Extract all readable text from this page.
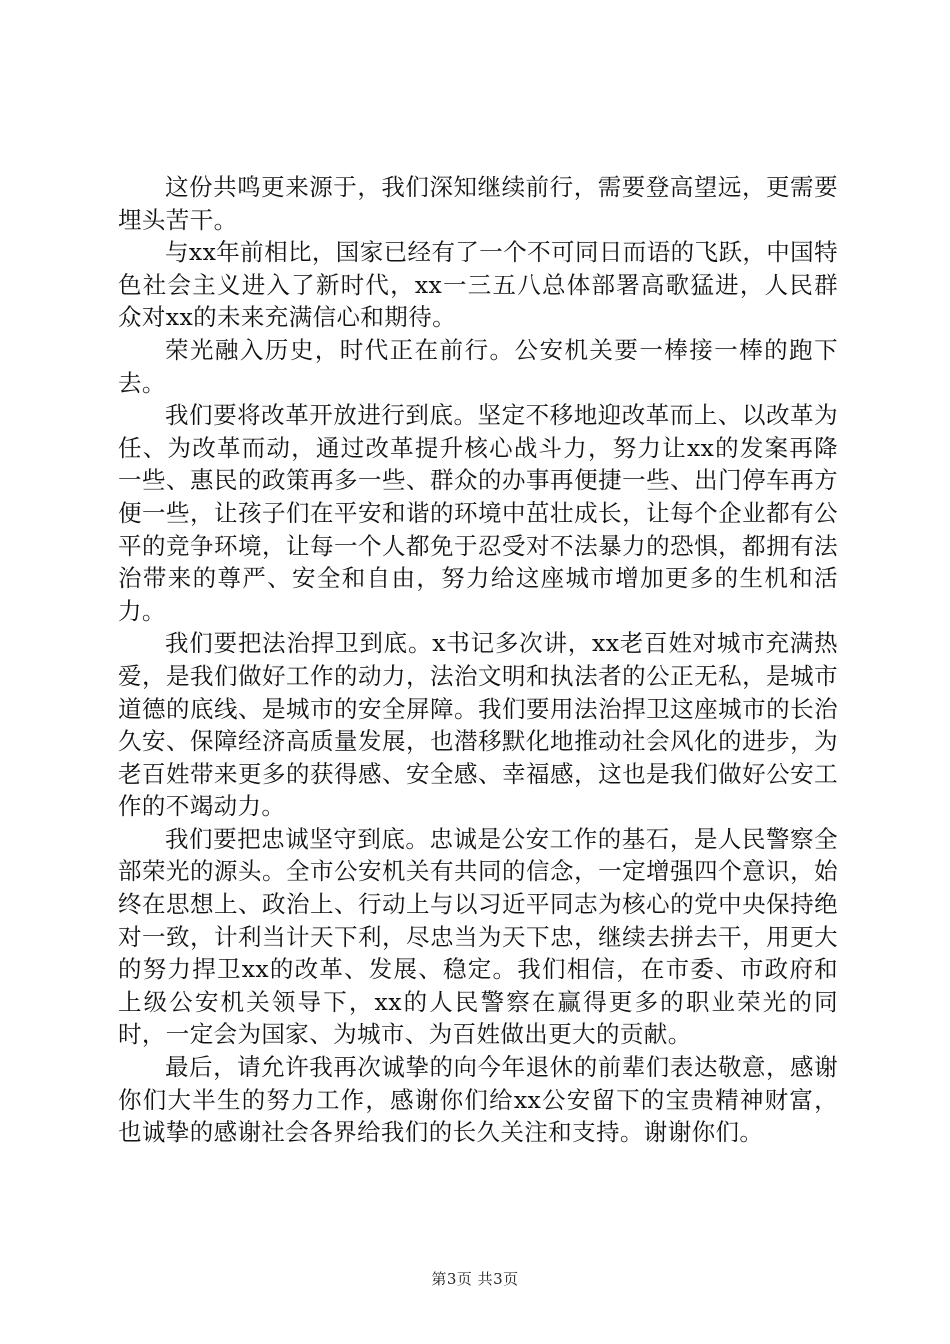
这份共鸣更来源于，我们深知继续前行，需要登高望远，更需要埋头苦干。

与xx年前相比，国家已经有了一个不可同日而语的飞跃，中国特色社会主义进入了新时代，xx一三五八总体部署高歌猛进，人民群众对xx的未来充满信心和期待。

荣光融入历史，时代正在前行。公安机关要一棒接一棒的跑下去。

我们要将改革开放进行到底。坚定不移地迎改革而上、以改革为任、为改革而动，通过改革提升核心战斗力，努力让xx的发案再降一些、惠民的政策再多一些、群众的办事再便捷一些、出门停车再方便一些，让孩子们在平安和谐的环境中茁壮成长，让每个企业都有公平的竞争环境，让每一个人都免于忍受对不法暴力的恐惧，都拥有法治带来的尊严、安全和自由，努力给这座城市增加更多的生机和活力。

我们要把法治捍卫到底。x书记多次讲，xx老百姓对城市充满热爱，是我们做好工作的动力，法治文明和执法者的公正无私，是城市道德的底线、是城市的安全屏障。我们要用法治捍卫这座城市的长治久安、保障经济高质量发展，也潜移默化地推动社会风化的进步，为老百姓带来更多的获得感、安全感、幸福感，这也是我们做好公安工作的不竭动力。

我们要把忠诚坚守到底。忠诚是公安工作的基石，是人民警察全部荣光的源头。全市公安机关有共同的信念，一定增强四个意识，始终在思想上、政治上、行动上与以习近平同志为核心的党中央保持绝对一致，计利当计天下利，尽忠当为天下忠，继续去拼去干，用更大的努力捍卫xx的改革、发展、稳定。我们相信，在市委、市政府和上级公安机关领导下，xx的人民警察在赢得更多的职业荣光的同时，一定会为国家、为城市、为百姓做出更大的贡献。

最后，请允许我再次诚挚的向今年退休的前辈们表达敬意，感谢你们大半生的努力工作，感谢你们给xx公安留下的宝贵精神财富，也诚挚的感谢社会各界给我们的长久关注和支持。谢谢你们。

第3页 共3页
